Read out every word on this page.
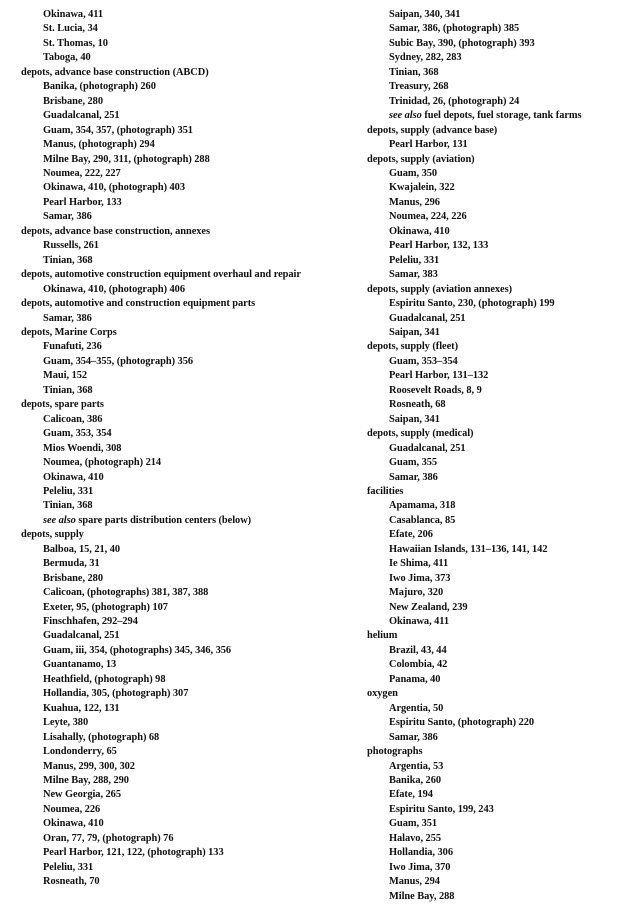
Okinawa, 411
St. Lucia, 34
St. Thomas, 10
Taboga, 40
depots, advance base construction (ABCD)
Banika, (photograph) 260
Brisbane, 280
Guadalcanal, 251
Guam, 354, 357, (photograph) 351
Manus, (photograph) 294
Milne Bay, 290, 311, (photograph) 288
Noumea, 222, 227
Okinawa, 410, (photograph) 403
Pearl Harbor, 133
Samar, 386
depots, advance base construction, annexes
Russells, 261
Tinian, 368
depots, automotive construction equipment overhaul and repair
Okinawa, 410, (photograph) 406
depots, automotive and construction equipment parts
Samar, 386
depots, Marine Corps
Funafuti, 236
Guam, 354–355, (photograph) 356
Maui, 152
Tinian, 368
depots, spare parts
Calicoan, 386
Guam, 353, 354
Mios Woendi, 308
Noumea, (photograph) 214
Okinawa, 410
Peleliu, 331
Tinian, 368
see also spare parts distribution centers (below)
depots, supply
Balboa, 15, 21, 40
Bermuda, 31
Brisbane, 280
Calicoan, (photographs) 381, 387, 388
Exeter, 95, (photograph) 107
Finschhafen, 292–294
Guadalcanal, 251
Guam, iii, 354, (photographs) 345, 346, 356
Guantanamo, 13
Heathfield, (photograph) 98
Hollandia, 305, (photograph) 307
Kuahua, 122, 131
Leyte, 380
Lisahally, (photograph) 68
Londonderry, 65
Manus, 299, 300, 302
Milne Bay, 288, 290
New Georgia, 265
Noumea, 226
Okinawa, 410
Oran, 77, 79, (photograph) 76
Pearl Harbor, 121, 122, (photograph) 133
Peleliu, 331
Rosneath, 70
Saipan, 340, 341
Samar, 386, (photograph) 385
Subic Bay, 390, (photograph) 393
Sydney, 282, 283
Tinian, 368
Treasury, 268
Trinidad, 26, (photograph) 24
see also fuel depots, fuel storage, tank farms
depots, supply (advance base)
Pearl Harbor, 131
depots, supply (aviation)
Guam, 350
Kwajalein, 322
Manus, 296
Noumea, 224, 226
Okinawa, 410
Pearl Harbor, 132, 133
Peleliu, 331
Samar, 383
depots, supply (aviation annexes)
Espiritu Santo, 230, (photograph) 199
Guadalcanal, 251
Saipan, 341
depots, supply (fleet)
Guam, 353–354
Pearl Harbor, 131–132
Roosevelt Roads, 8, 9
Rosneath, 68
Saipan, 341
depots, supply (medical)
Guadalcanal, 251
Guam, 355
Samar, 386
facilities
Apamama, 318
Casablanca, 85
Efate, 206
Hawaiian Islands, 131–136, 141, 142
Ie Shima, 411
Iwo Jima, 373
Majuro, 320
New Zealand, 239
Okinawa, 411
helium
Brazil, 43, 44
Colombia, 42
Panama, 40
oxygen
Argentia, 50
Espiritu Santo, (photograph) 220
Samar, 386
photographs
Argentia, 53
Banika, 260
Efate, 194
Espiritu Santo, 199, 243
Guam, 351
Halavo, 255
Hollandia, 306
Iwo Jima, 370
Manus, 294
Milne Bay, 288
